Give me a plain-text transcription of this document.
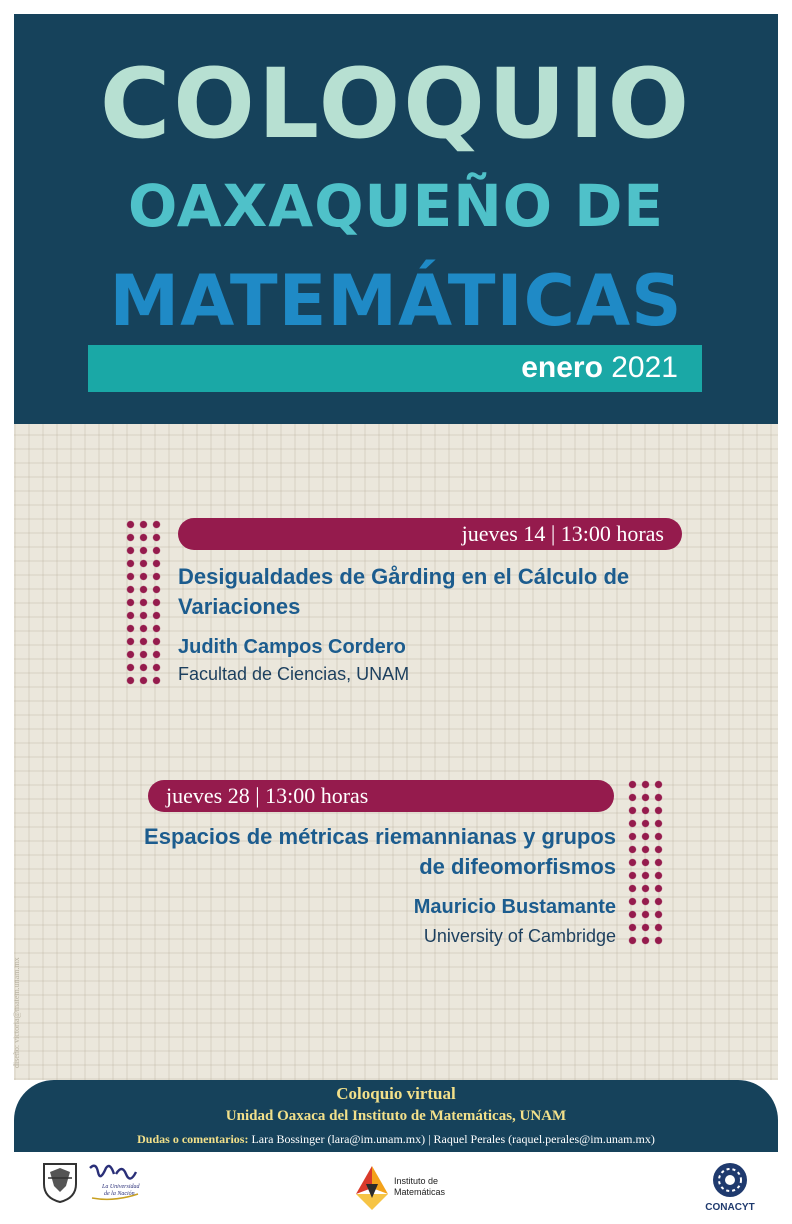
COLOQUIO
OAXAQUEÑO DE
MATEMÁTICAS
enero 2021
jueves 14 | 13:00 horas
Desigualdades de Gårding en el Cálculo de Variaciones
Judith Campos Cordero
Facultad de Ciencias, UNAM
jueves 28 | 13:00 horas
Espacios de métricas riemannianas y grupos de difeomorfismos
Mauricio Bustamante
University of Cambridge
diseño: victoria@matem.unam.mx
Coloquio virtual
Unidad Oaxaca del Instituto de Matemáticas, UNAM
Dudas o comentarios: Lara Bossinger (lara@im.unam.mx) | Raquel Perales (raquel.perales@im.unam.mx)
La Universidad
de la Nación
Instituto de
Matemáticas
CONACYT
